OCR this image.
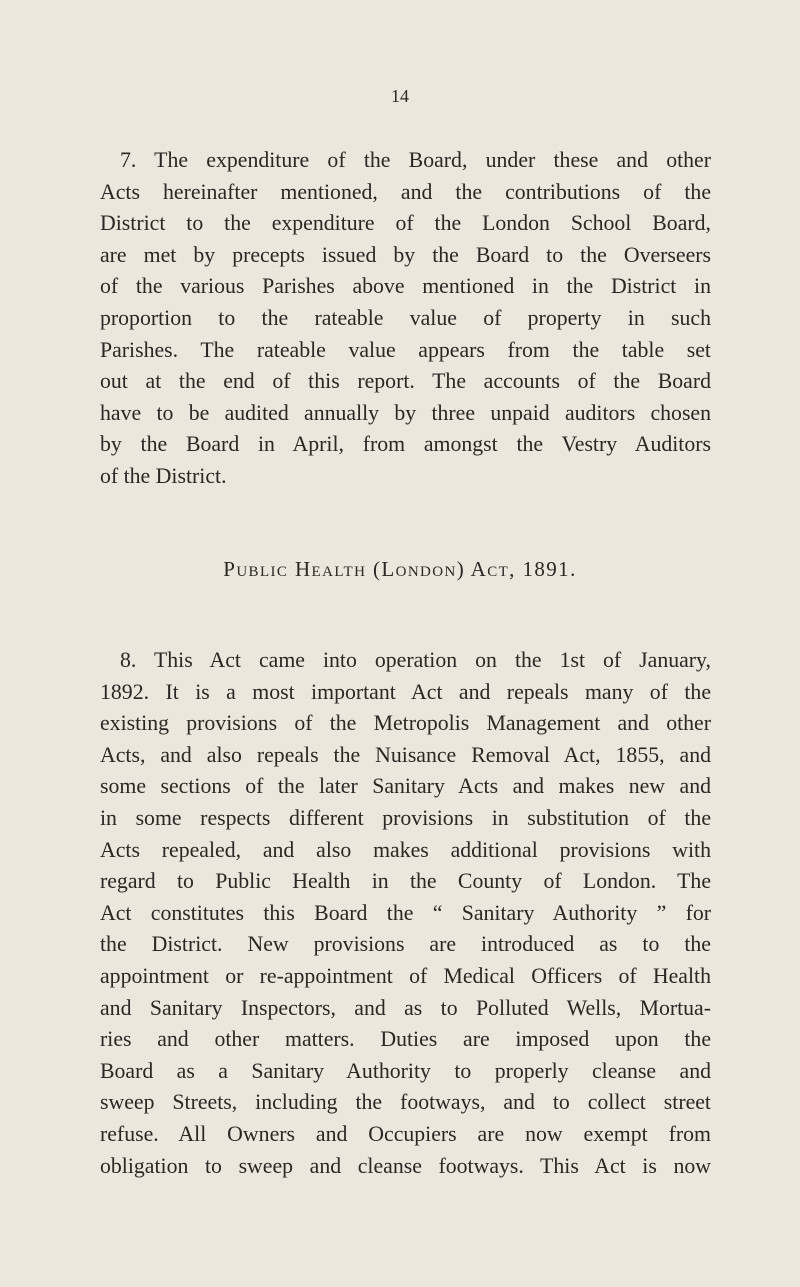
14
7. The expenditure of the Board, under these and other
Acts hereinafter mentioned, and the contributions of the
District to the expenditure of the London School Board,
are met by precepts issued by the Board to the Overseers
of the various Parishes above mentioned in the District in
proportion to the rateable value of property in such
Parishes. The rateable value appears from the table set
out at the end of this report. The accounts of the Board
have to be audited annually by three unpaid auditors chosen
by the Board in April, from amongst the Vestry Auditors
of the District.
Public Health (London) Act, 1891.
8. This Act came into operation on the 1st of January,
1892. It is a most important Act and repeals many of the
existing provisions of the Metropolis Management and other
Acts, and also repeals the Nuisance Removal Act, 1855, and
some sections of the later Sanitary Acts and makes new and
in some respects different provisions in substitution of the
Acts repealed, and also makes additional provisions with
regard to Public Health in the County of London. The
Act constitutes this Board the “ Sanitary Authority ” for
the District. New provisions are introduced as to the
appointment or re-appointment of Medical Officers of Health
and Sanitary Inspectors, and as to Polluted Wells, Mortua-
ries and other matters. Duties are imposed upon the
Board as a Sanitary Authority to properly cleanse and
sweep Streets, including the footways, and to collect street
refuse. All Owners and Occupiers are now exempt from
obligation to sweep and cleanse footways. This Act is now
